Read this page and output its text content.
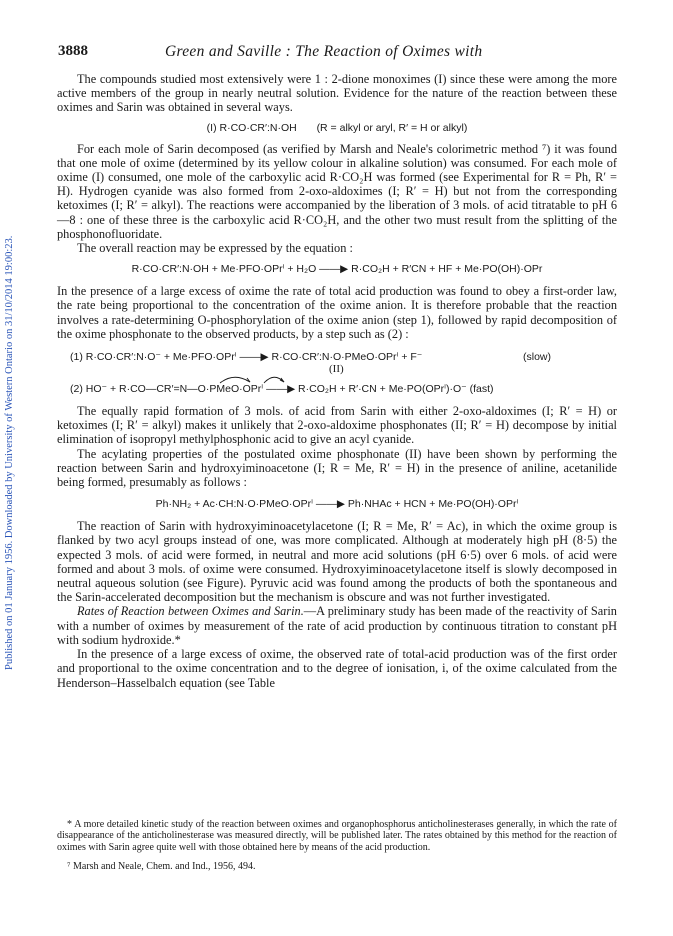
Published on 01 January 1956. Downloaded by University of Western Ontario on 31/10/2014 19:00:23.
3888	Green and Saville : The Reaction of Oximes with

The compounds studied most extensively were 1 : 2-dione monoximes (I) since these were among the more active members of the group in nearly neutral solution. Evidence for the nature of the reaction between these oximes and Sarin was obtained in several ways.

(I) R·CO·CR′:N·OH (R = alkyl or aryl, R′ = H or alkyl)

For each mole of Sarin decomposed (as verified by Marsh and Neale's colorimetric method ⁷) it was found that one mole of oxime (determined by its yellow colour in alkaline solution) was consumed. For each mole of oxime (I) consumed, one mole of the carboxylic acid R·CO₂H was formed (see Experimental for R = Ph, R′ = H). Hydrogen cyanide was also formed from 2-oxo-aldoximes (I; R′ = H) but not from the corresponding ketoximes (I; R′ = alkyl). The reactions were accompanied by the liberation of 3 mols. of acid titratable to pH 6—8 : one of these three is the carboxylic acid R·CO₂H, and the other two must result from the splitting of the phosphonofluoridate.

The overall reaction may be expressed by the equation :

R·CO·CR′:N·OH + Me·PFO·OPrⁱ + H₂O ——▶ R·CO₂H + R′CN + HF + Me·PO(OH)·OPr

In the presence of a large excess of oxime the rate of total acid production was found to obey a first-order law, the rate being proportional to the concentration of the oxime anion. It is therefore probable that the reaction involves a rate-determining O-phosphorylation of the oxime anion (step 1), followed by rapid decomposition of the oxime phosphonate to the observed products, by a step such as (2) :

(1) R·CO·CR′:N·O⁻ + Me·PFO·OPrⁱ ——▶ R·CO·CR′:N·O·PMeO·OPrⁱ + F⁻	(slow)
(II)
(2) HO⁻ + R·CO—CR′=N—O·PMeO·OPrⁱ ——▶ R·CO₂H + R′·CN + Me·PO(OPrⁱ)·O⁻ (fast)

The equally rapid formation of 3 mols. of acid from Sarin with either 2-oxo-aldoximes (I; R′ = H) or ketoximes (I; R′ = alkyl) makes it unlikely that 2-oxo-aldoxime phosphonates (II; R′ = H) decompose by initial elimination of isopropyl methylphosphonic acid to give an acyl cyanide.

The acylating properties of the postulated oxime phosphonate (II) have been shown by performing the reaction between Sarin and hydroxyiminoacetone (I; R = Me, R′ = H) in the presence of aniline, acetanilide being formed, presumably as follows :

Ph·NH₂ + Ac·CH:N·O·PMeO·OPrⁱ ——▶ Ph·NHAc + HCN + Me·PO(OH)·OPrⁱ

The reaction of Sarin with hydroxyiminoacetylacetone (I; R = Me, R′ = Ac), in which the oxime group is flanked by two acyl groups instead of one, was more complicated. Although at moderately high pH (8·5) the expected 3 mols. of acid were formed, in neutral and more acid solutions (pH 6·5) over 6 mols. of acid were formed and about 3 mols. of oxime were consumed. Hydroxyiminoacetylacetone itself is slowly decomposed in neutral aqueous solution (see Figure). Pyruvic acid was found among the products of both the spontaneous and the Sarin-accelerated decomposition but the mechanism is obscure and was not further investigated.

Rates of Reaction between Oximes and Sarin.—A preliminary study has been made of the reactivity of Sarin with a number of oximes by measurement of the rate of acid production by continuous titration to constant pH with sodium hydroxide.*

In the presence of a large excess of oxime, the observed rate of total-acid production was of the first order and proportional to the oxime concentration and to the degree of ionisation, i, of the oxime calculated from the Henderson–Hasselbalch equation (see Table

* A more detailed kinetic study of the reaction between oximes and organophosphorus anticholinesterases generally, in which the rate of disappearance of the anticholinesterase was measured directly, will be published later. The rates obtained by this method for the reaction of oximes with Sarin agree quite well with those obtained here by means of the acid production.

⁷ Marsh and Neale, Chem. and Ind., 1956, 494.
